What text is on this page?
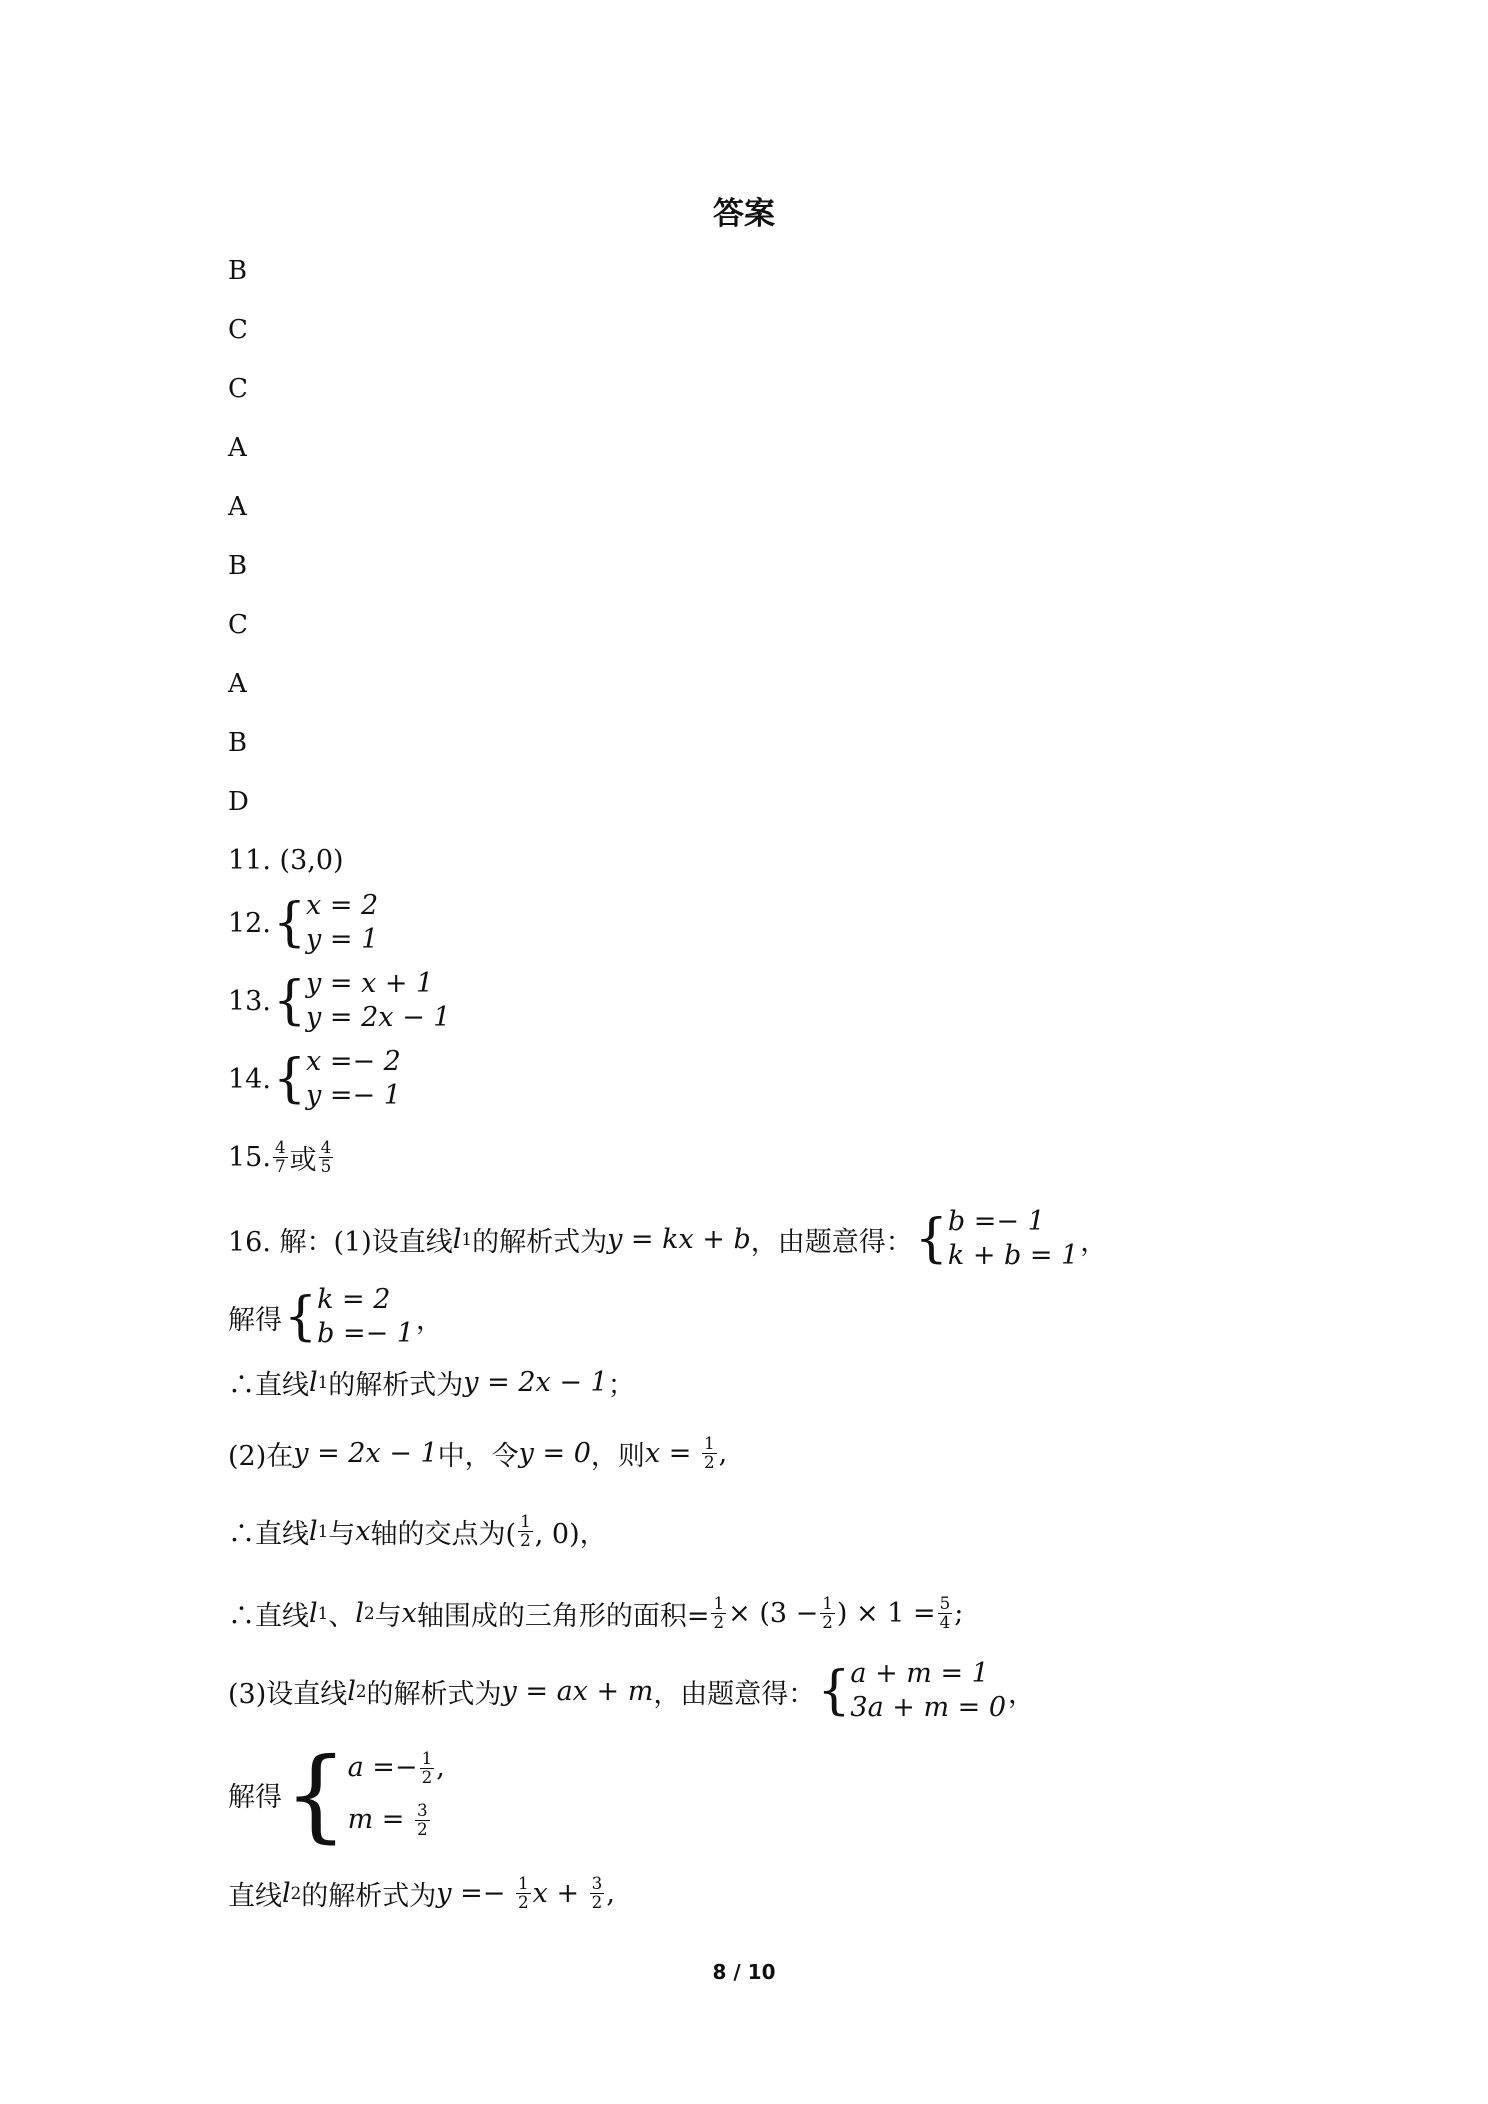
答案
B
C
C
A
A
B
C
A
B
D
11.
(3,0)
12. { x = 2
y = 1
13. { y = x + 1
y = 2x − 1
14. { x =− 2
y =− 1
15. $\frac{4}{7}$ 或 $\frac{4}{5}$
16. 解：(1)设直线 l 1 的解析式为 y = kx + b ，由题意得： { b =− 1
k + b = 1 ，
解得 { k = 2
b =− 1 ，
∴直线 l 1 的解析式为 y = 2x − 1 ；
(2)在 y = 2x − 1 中，令 y = 0 ，则 x =
$\frac{1}{2}$ ,
∴直线 l 1 与 x 轴的交点为( $\frac{1}{2}$ , 0)，
∴直线 l 1 、 l 2 与 x 轴围成的三角形的面积= $\frac{1}{2} \times (3 - \frac{1}{2}$ ) × $1 = \frac{5}{4}$ ;
(3)设直线 l 2 的解析式为 y = ax + m ，由题意得： { a + m = 1
3a + m = 0 ，
解得 { $a =- \frac{1}{2}$ ,
m =
$\frac{3}{2}$
直线 l 2 的解析式为 y =−
$\frac{1}{2}$ x +
$\frac{3}{2}$ ,
8 / 10
